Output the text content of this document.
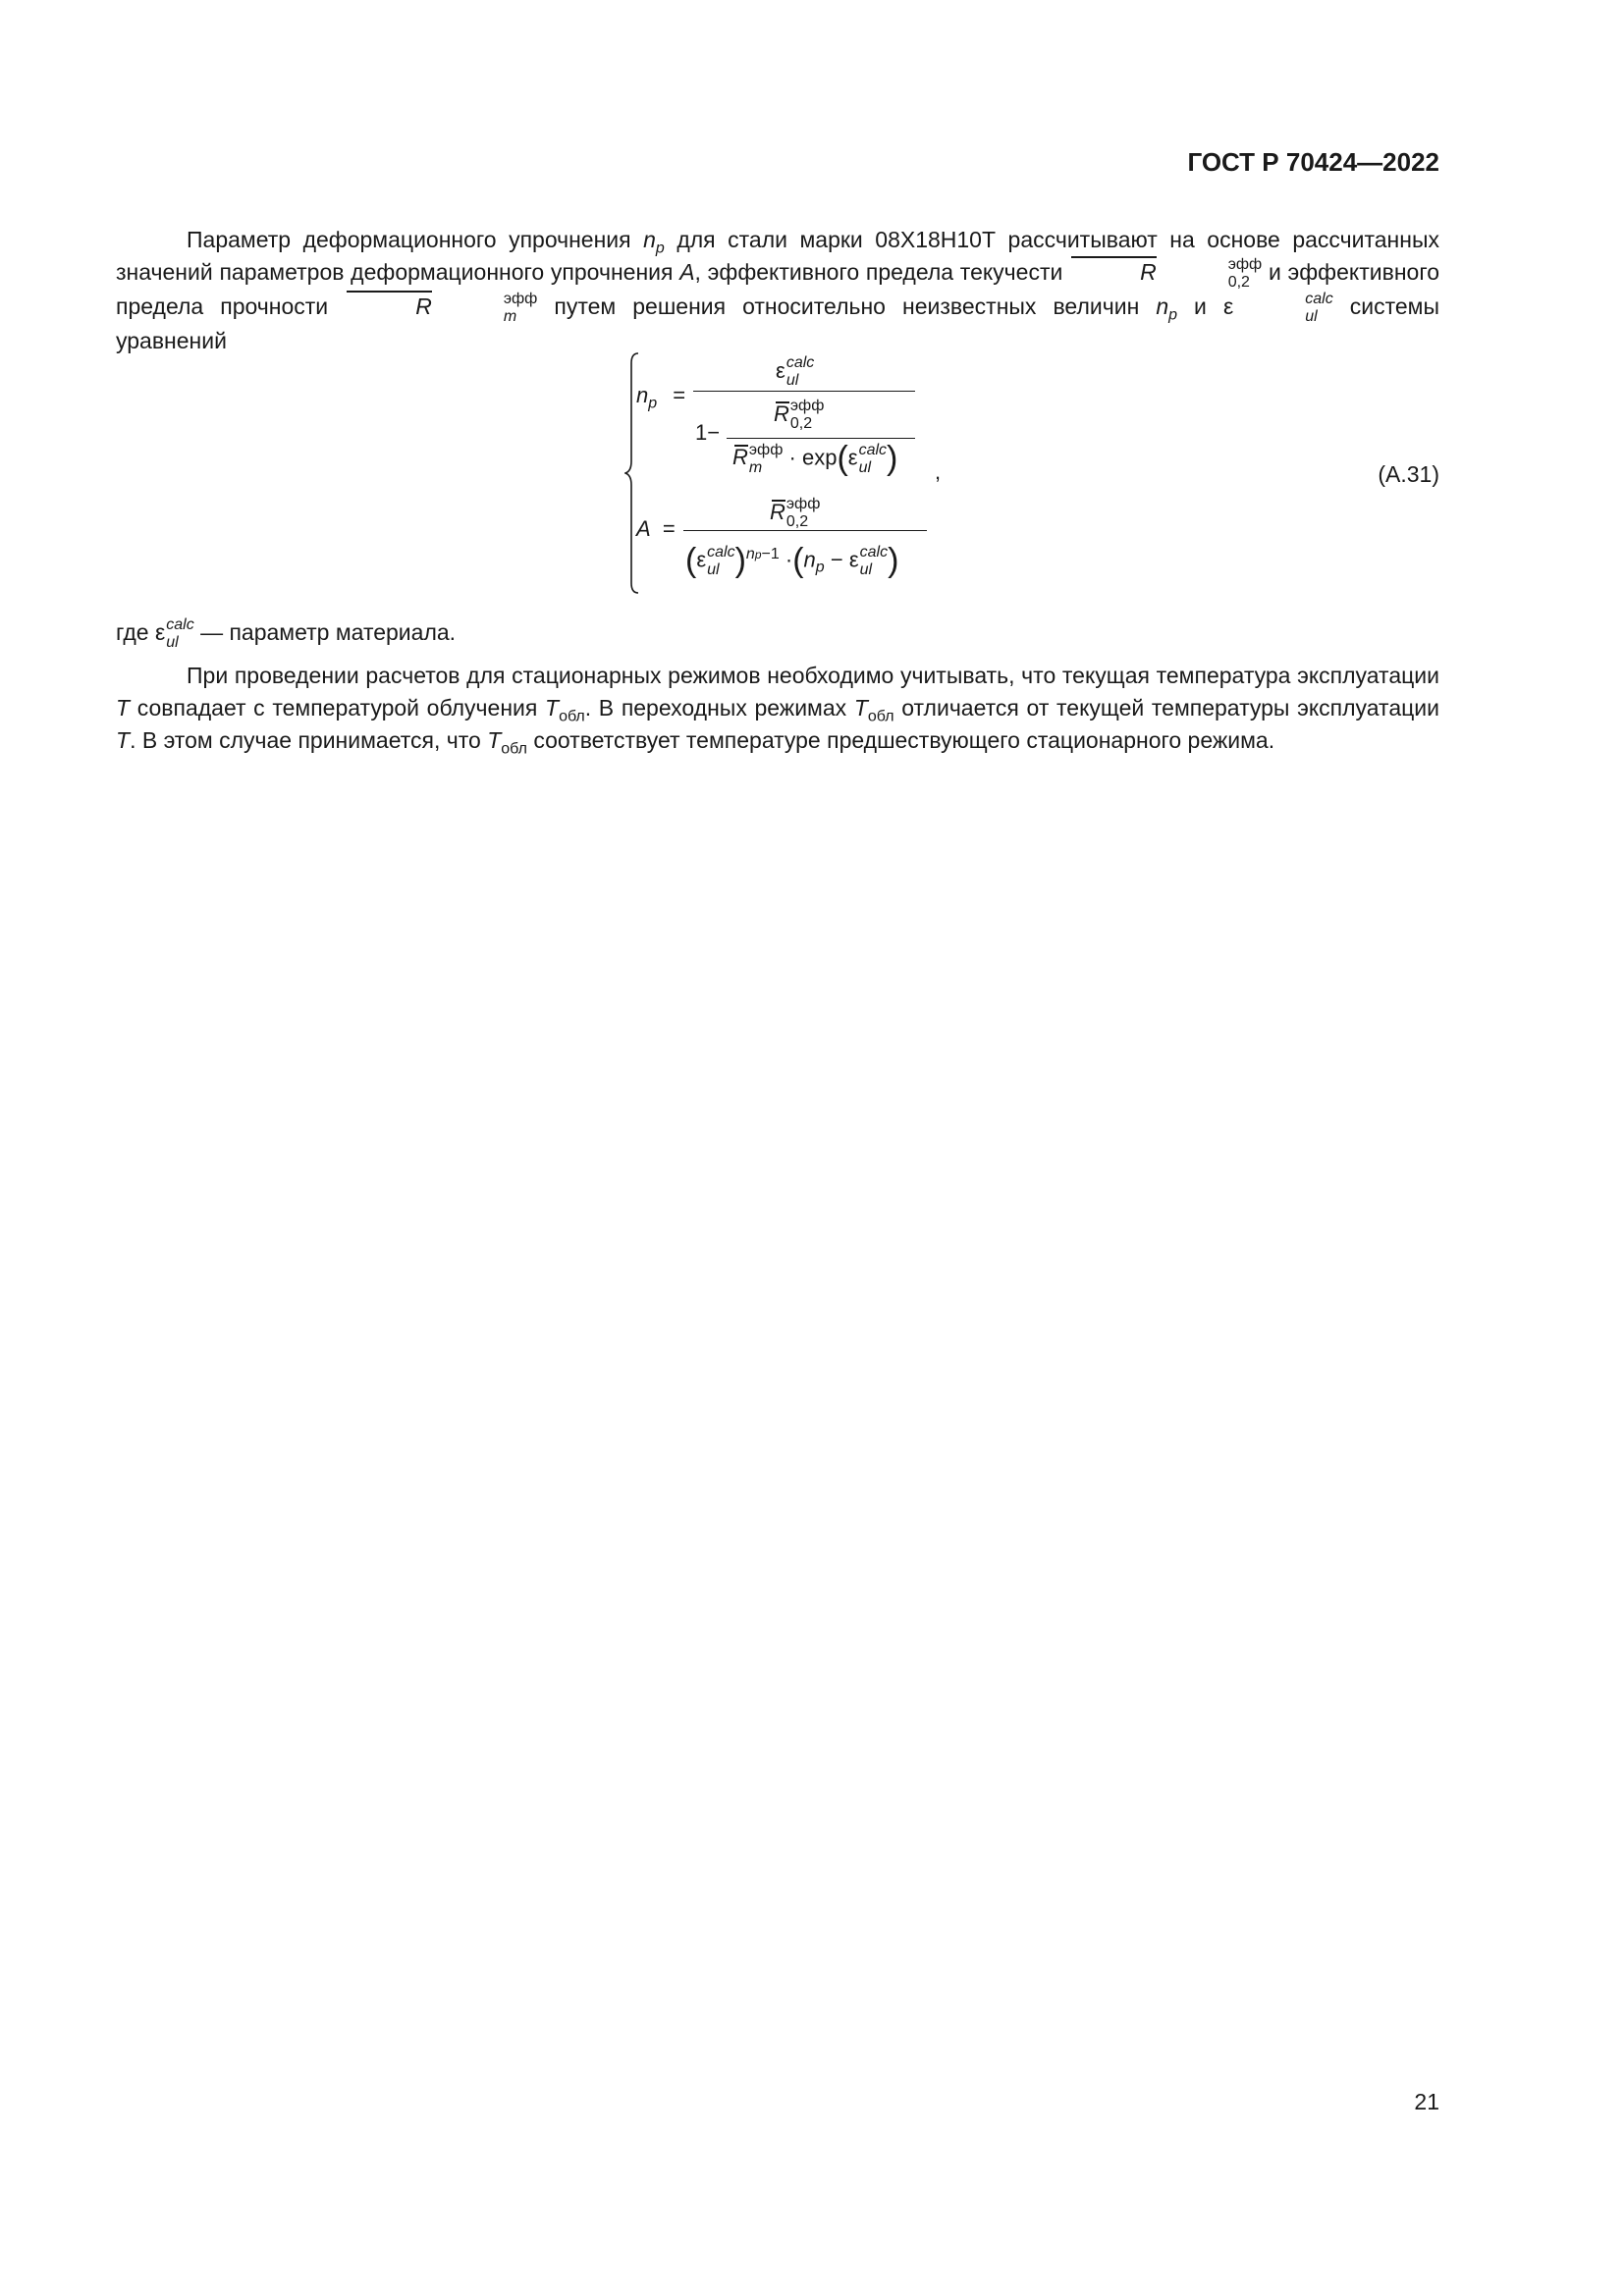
ГОСТ Р 70424—2022

Параметр деформационного упрочнения $n_p$ для стали марки 08Х18Н10Т рассчитывают на основе рассчитанных значений параметров деформационного упрочнения A, эффективного предела текучести	R	эфф
0,2 и эффективного предела прочности	R	эфф
m путем решения относительно неизвестных величин $n_p$ и ε	calc
ul системы уравнений

$n_p$ =
ε calc
ul
1−
R эфф
0,2
R эфф
m	· exp(ε calc
ul ) ,
A =
R эфф
0,2
(ε calc
ul )$^{np-1} \cdot(n_p - \varepsilon$ calc
ul )
(А.31)

где ε calc
ul — параметр материала.

При проведении расчетов для стационарных режимов необходимо учитывать, что текущая температура эксплуатации T совпадает с температурой облучения $T_{обл}$. В переходных режимах $T_{обл}$ отличается от текущей температуры эксплуатации T. В этом случае принимается, что $T_{обл}$ соответствует температуре предшествующего стационарного режима.

21
